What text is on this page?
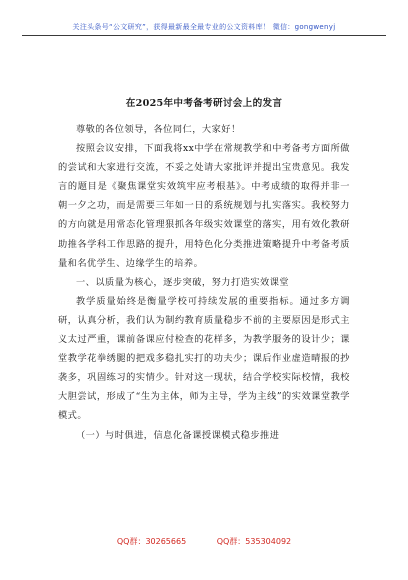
关注头条号“公文研究”，获得最新最全最专业的公文资料库！ 微信：gongwenyj
在2025年中考备考研讨会上的发言

尊敬的各位领导，各位同仁，大家好！

按照会议安排，下面我将xx中学在常规教学和中考备考方面所做的尝试和大家进行交流，不妥之处请大家批评并提出宝贵意见。我发言的题目是《聚焦课堂实效筑牢应考根基》。中考成绩的取得并非一朝一夕之功，而是需要三年如一日的系统规划与扎实落实。我校努力的方向就是用常态化管理狠抓各年级实效课堂的落实，用有效化教研助推各学科工作思路的提升，用特色化分类推进策略提升中考备考质量和名优学生、边缘学生的培养。

一、以质量为核心，逐步突破，努力打造实效课堂

教学质量始终是衡量学校可持续发展的重要指标。通过多方调研，认真分析，我们认为制约教育质量稳步不前的主要原因是形式主义太过严重，课前备课应付检查的花样多，为教学服务的设计少；课堂教学花拳绣腿的把戏多稳扎实打的功夫少；课后作业虚造晴报的抄袭多，巩固练习的实情少。针对这一现状，结合学校实际校情，我校大胆尝试，形成了“生为主体，师为主导，学为主线”的实效课堂教学模式。

（一）与时俱进，信息化备课授课模式稳步推进

QQ群：30265665	QQ群：535304092
